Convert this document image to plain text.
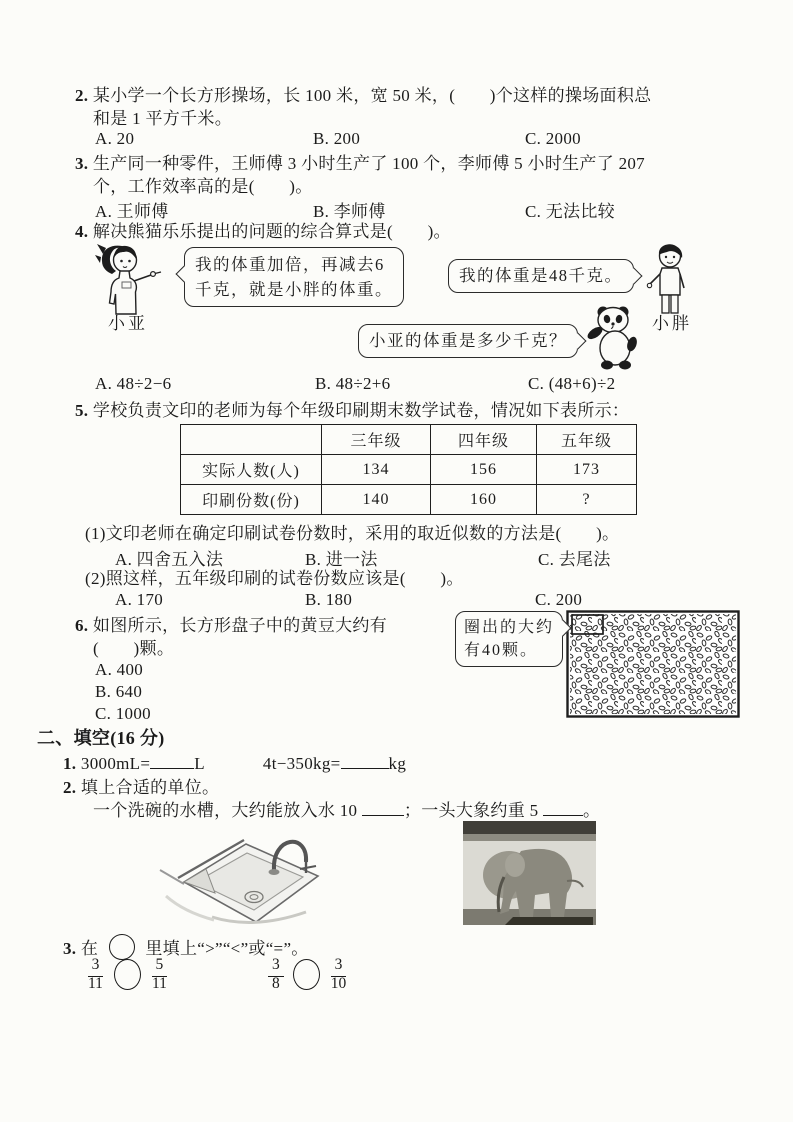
2. 某小学一个长方形操场，长 100 米，宽 50 米，(　　)个这样的操场面积总
和是 1 平方千米。
A. 20	B. 200	C. 2000
3. 生产同一种零件，王师傅 3 小时生产了 100 个，李师傅 5 小时生产了 207
个，工作效率高的是(　　)。
A. 王师傅	B. 李师傅	C. 无法比较
4. 解决熊猫乐乐提出的问题的综合算式是(　　)。
小亚
我的体重加倍，再减去6
千克，就是小胖的体重。
我的体重是48千克。
小胖
小亚的体重是多少千克？
A. 48÷2−6	B. 48÷2+6	C. (48+6)÷2
5. 学校负责文印的老师为每个年级印刷期末数学试卷，情况如下表所示：
	三年级	四年级	五年级
实际人数(人)	134	156	173
印刷份数(份)	140	160	?
(1)文印老师在确定印刷试卷份数时，采用的取近似数的方法是(　　)。
A. 四舍五入法	B. 进一法	C. 去尾法
(2)照这样，五年级印刷的试卷份数应该是(　　)。
A. 170	B. 180	C. 200
6. 如图所示，长方形盘子中的黄豆大约有
(　　)颗。
A. 400
B. 640
C. 1000
圈出的大约
有40颗。
二、填空(16 分)
1. 3000mL=	L	4t−350kg=	kg
2. 填上合适的单位。
一个洗碗的水槽，大约能放入水 10	；一头大象约重 5	。
3. 在	里填上“>”“<”或“=”。
$\frac{3}{11}$	$\frac{5}{11}$	$\frac{3}{8}$	$\frac{3}{10}$
